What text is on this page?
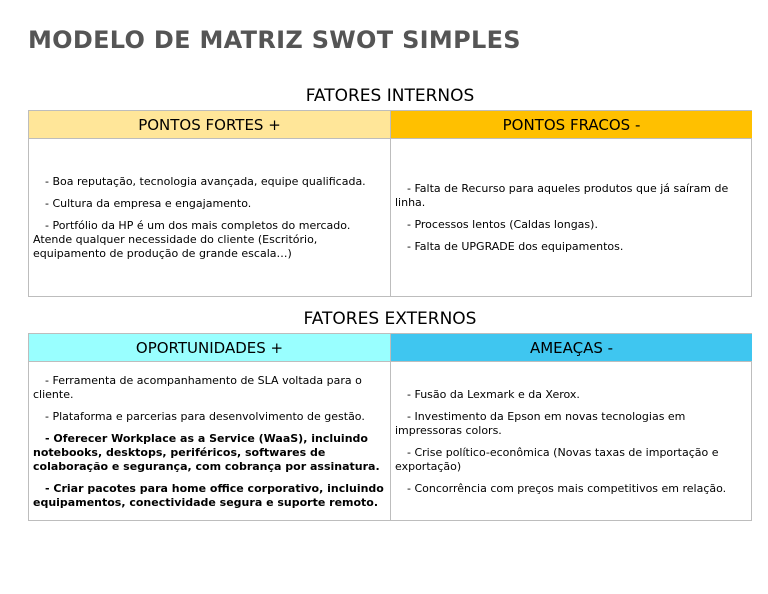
MODELO DE MATRIZ SWOT SIMPLES
FATORES INTERNOS
PONTOS FORTES +	PONTOS FRACOS -

- Boa reputação, tecnologia avançada, equipe qualificada.

- Cultura da empresa e engajamento.

- Portfólio da HP é um dos mais completos do mercado. Atende qualquer necessidade do cliente (Escritório, equipamento de produção de grande escala…)

- Falta de Recurso para aqueles produtos que já saíram de linha.

- Processos lentos (Caldas longas).

- Falta de UPGRADE dos equipamentos.

FATORES EXTERNOS
OPORTUNIDADES +	AMEAÇAS -

- Ferramenta de acompanhamento de SLA voltada para o cliente.

- Plataforma e parcerias para desenvolvimento de gestão.

- Oferecer Workplace as a Service (WaaS), incluindo notebooks, desktops, periféricos, softwares de colaboração e segurança, com cobrança por assinatura.

- Criar pacotes para home office corporativo, incluindo equipamentos, conectividade segura e suporte remoto.

- Fusão da Lexmark e da Xerox.

- Investimento da Epson em novas tecnologias em impressoras colors.

- Crise político-econômica (Novas taxas de importação e exportação)

- Concorrência com preços mais competitivos em relação.
